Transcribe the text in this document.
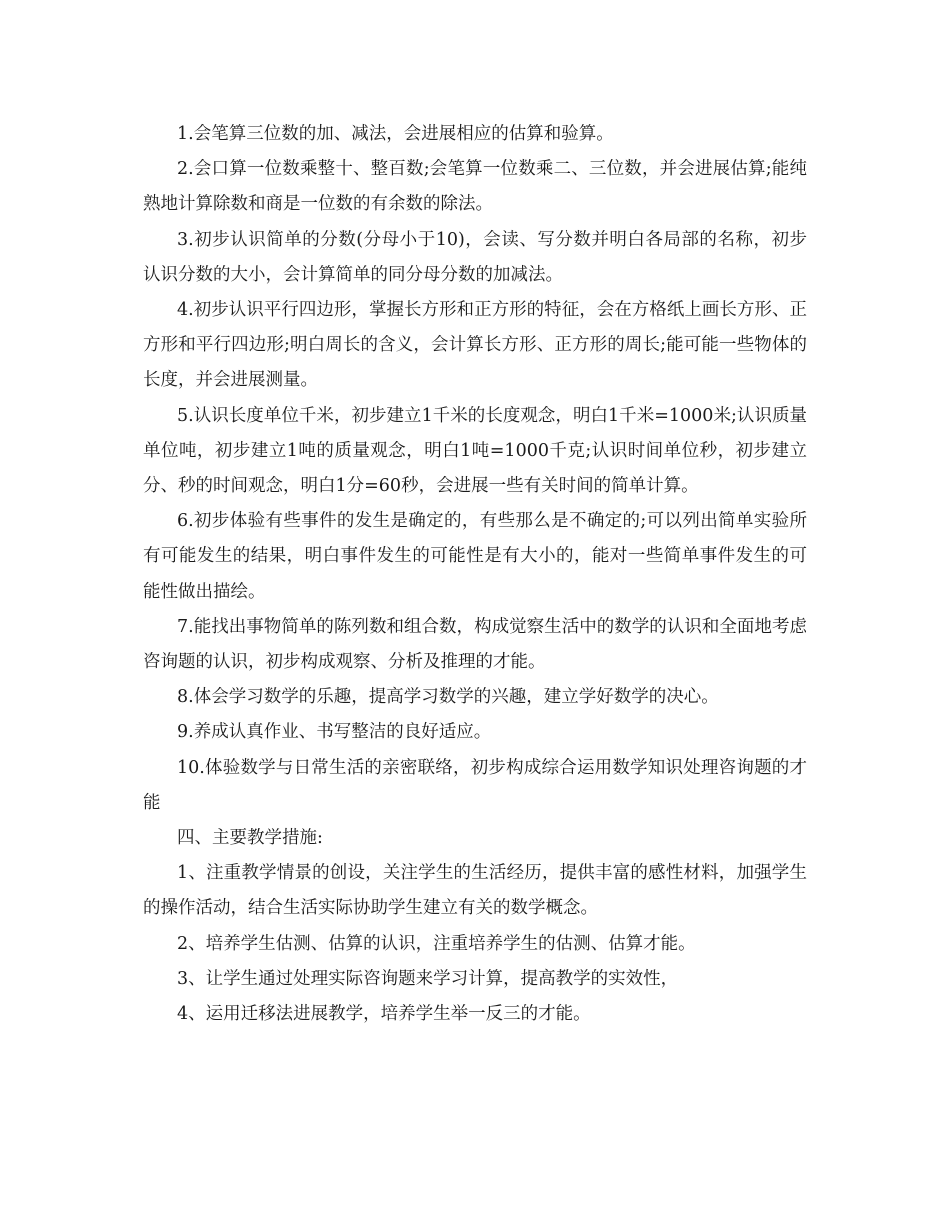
1.会笔算三位数的加、减法，会进展相应的估算和验算。

2.会口算一位数乘整十、整百数;会笔算一位数乘二、三位数，并会进展估算;能纯熟地计算除数和商是一位数的有余数的除法。

3.初步认识简单的分数(分母小于10)，会读、写分数并明白各局部的名称，初步认识分数的大小，会计算简单的同分母分数的加减法。

4.初步认识平行四边形，掌握长方形和正方形的特征，会在方格纸上画长方形、正方形和平行四边形;明白周长的含义，会计算长方形、正方形的周长;能可能一些物体的长度，并会进展测量。

5.认识长度单位千米，初步建立1千米的长度观念，明白1千米=1000米;认识质量单位吨，初步建立1吨的质量观念，明白1吨=1000千克;认识时间单位秒，初步建立分、秒的时间观念，明白1分=60秒，会进展一些有关时间的简单计算。

6.初步体验有些事件的发生是确定的，有些那么是不确定的;可以列出简单实验所有可能发生的结果，明白事件发生的可能性是有大小的，能对一些简单事件发生的可能性做出描绘。

7.能找出事物简单的陈列数和组合数，构成觉察生活中的数学的认识和全面地考虑咨询题的认识，初步构成观察、分析及推理的才能。

8.体会学习数学的乐趣，提高学习数学的兴趣，建立学好数学的决心。

9.养成认真作业、书写整洁的良好适应。

10.体验数学与日常生活的亲密联络，初步构成综合运用数学知识处理咨询题的才能

四、主要教学措施:

1、注重教学情景的创设，关注学生的生活经历，提供丰富的感性材料，加强学生的操作活动，结合生活实际协助学生建立有关的数学概念。

2、培养学生估测、估算的认识，注重培养学生的估测、估算才能。

3、让学生通过处理实际咨询题来学习计算，提高教学的实效性，

4、运用迁移法进展教学，培养学生举一反三的才能。
